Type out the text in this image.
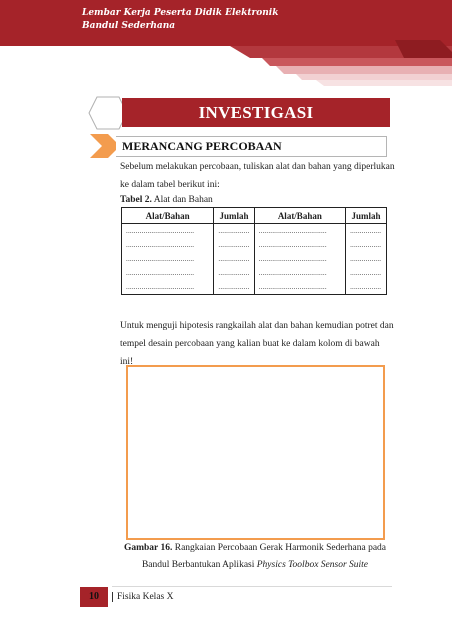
Lembar Kerja Peserta Didik Elektronik
Bandul Sederhana
INVESTIGASI
MERANCANG PERCOBAAN
Sebelum melakukan percobaan, tuliskan alat dan bahan yang diperlukan
ke dalam tabel berikut ini:
Tabel 2. Alat dan Bahan
Alat/Bahan	Jumlah	Alat/Bahan	Jumlah
...................................	................	...................................	................
...................................	................	...................................	................
...................................	................	...................................	................
...................................	................	...................................	................
...................................	................	...................................	................
Untuk menguji hipotesis rangkailah alat dan bahan kemudian potret dan
tempel desain percobaan yang kalian buat ke dalam kolom di bawah
ini!
Gambar 16. Rangkaian Percobaan Gerak Harmonik Sederhana pada
Bandul Berbantukan Aplikasi Physics Toolbox Sensor Suite
10	Fisika Kelas X
